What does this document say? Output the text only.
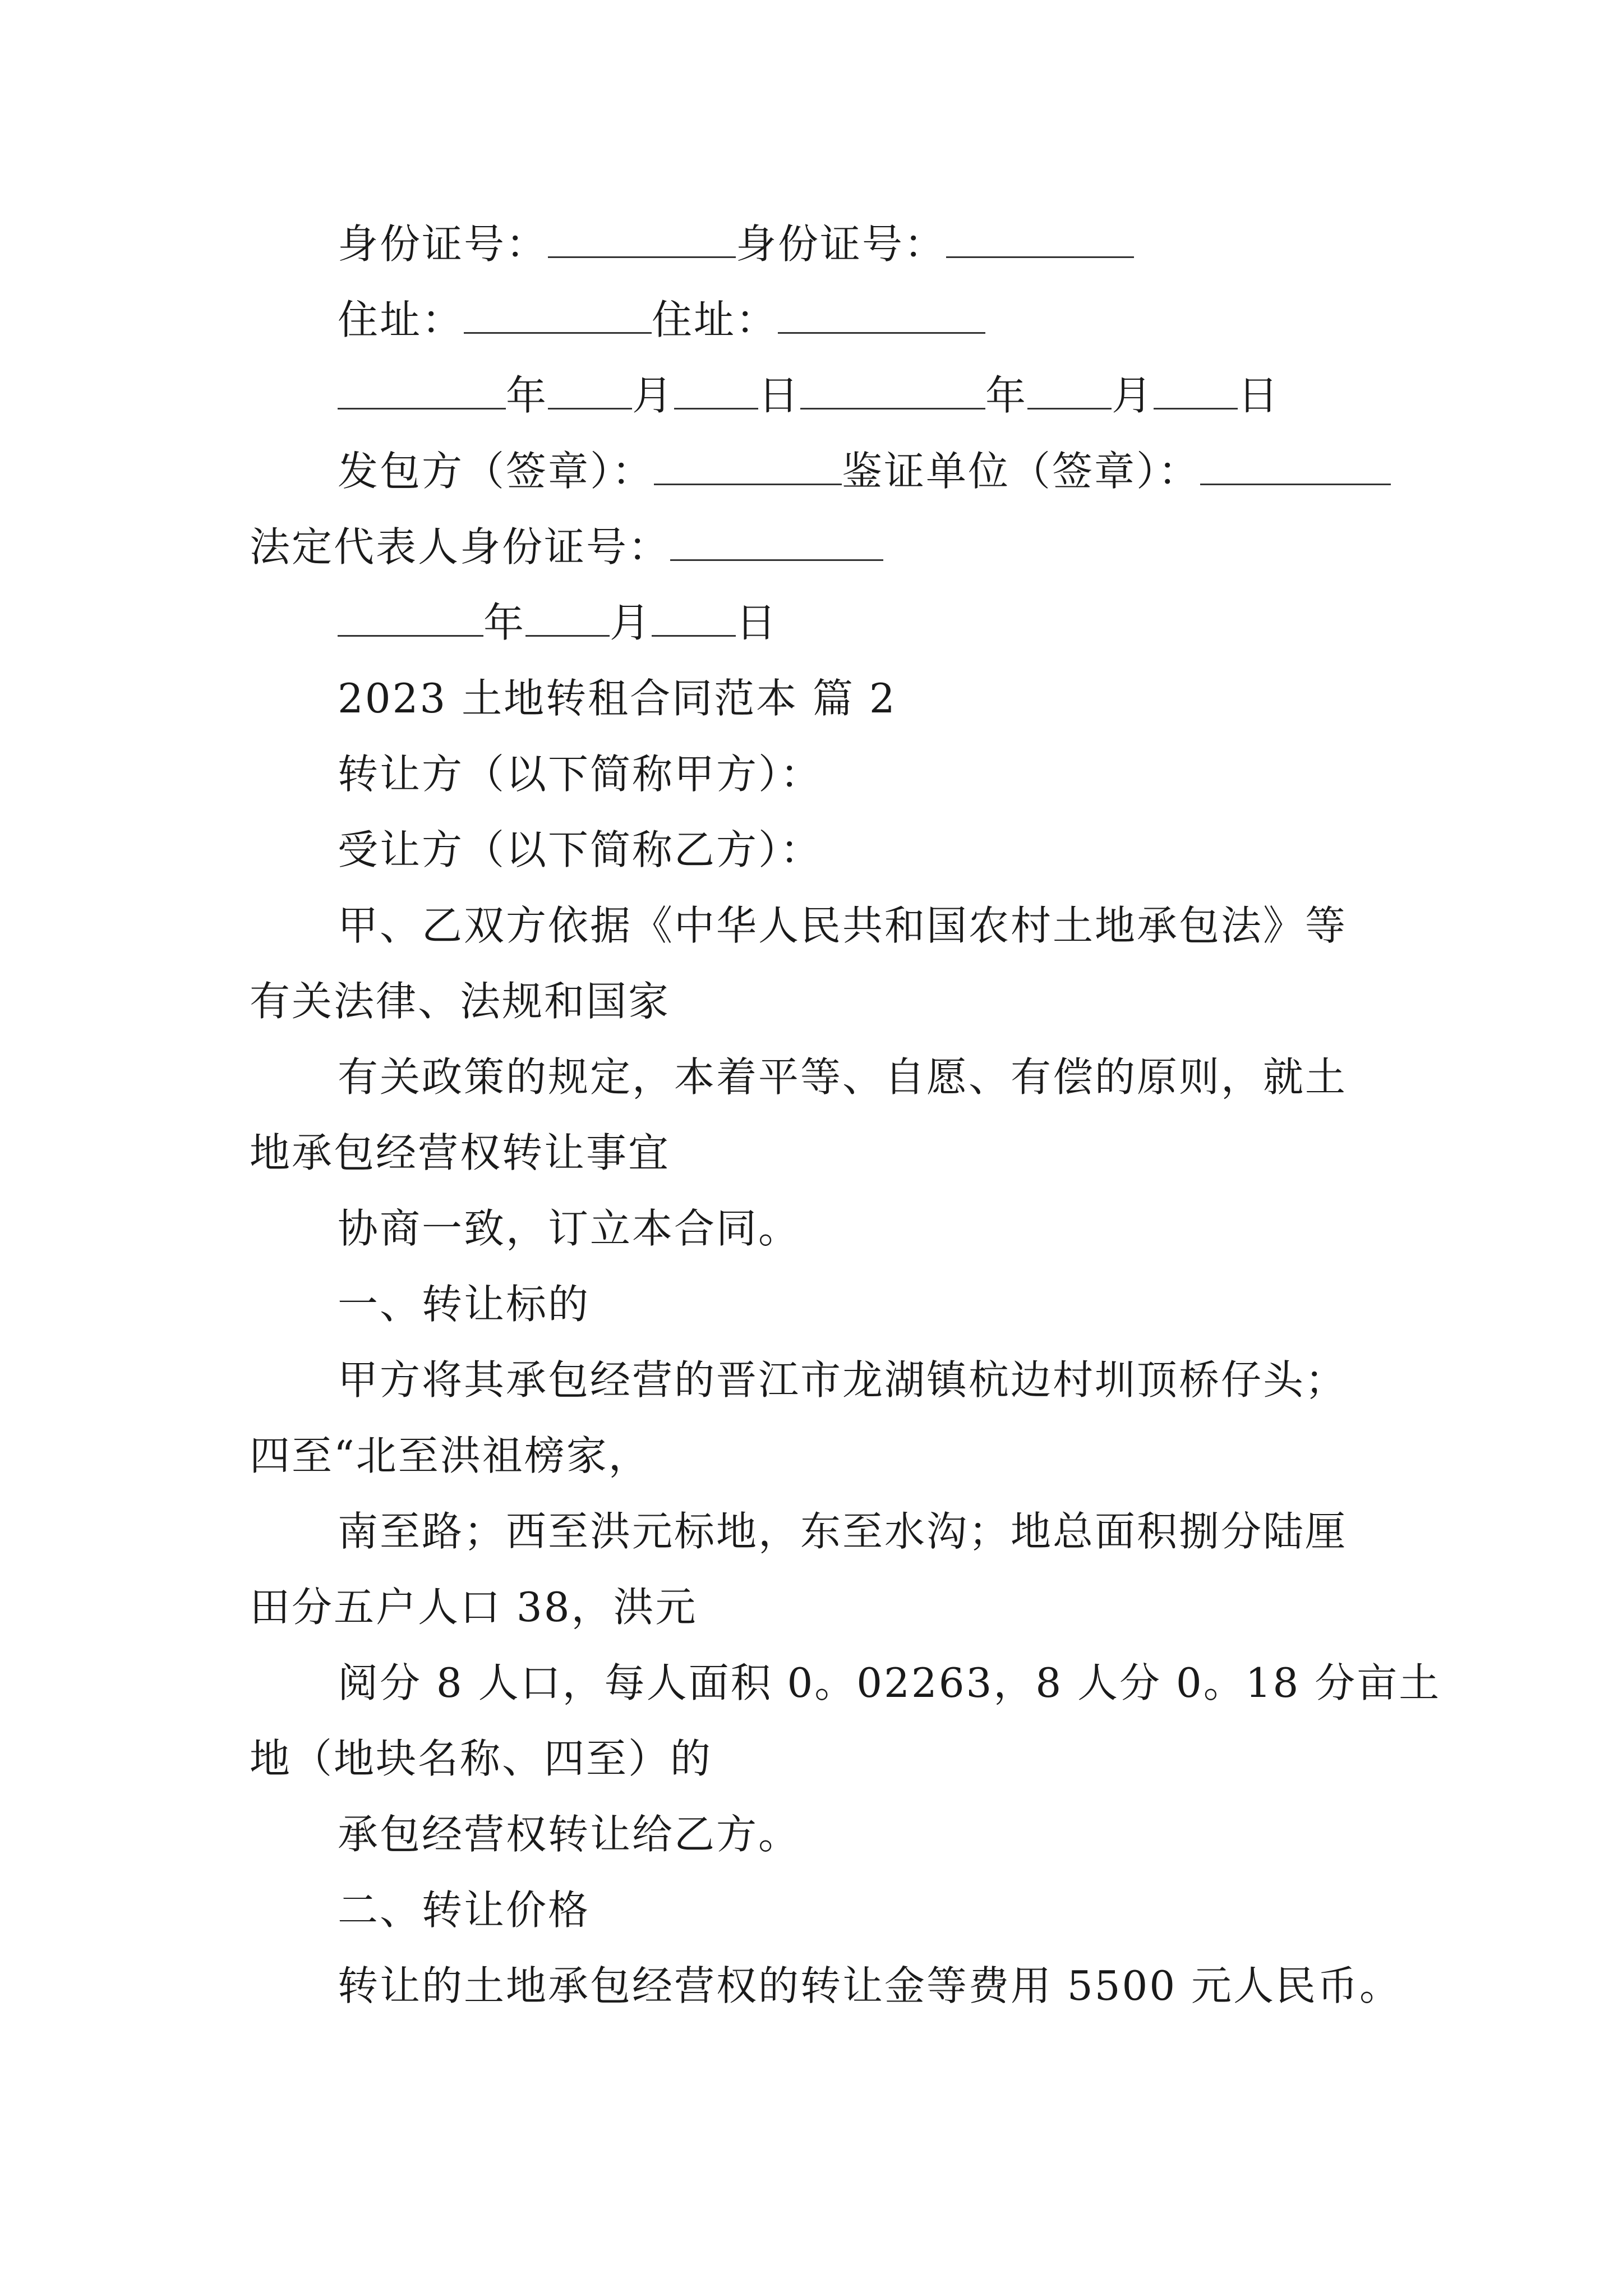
身份证号：	身份证号：
住址：	住址：
年 月 日	年 月 日
发包方（签章）：	鉴证单位（签章）：
法定代表人身份证号：
年 月 日
2023 土地转租合同范本 篇 2
转让方（以下简称甲方）：
受让方（以下简称乙方）：
甲、乙双方依据《中华人民共和国农村土地承包法》等
有关法律、法规和国家
有关政策的规定，本着平等、自愿、有偿的原则，就土
地承包经营权转让事宜
协商一致，订立本合同。
一、转让标的
甲方将其承包经营的晋江市龙湖镇杭边村圳顶桥仔头；
四至“北至洪祖榜家，
南至路；西至洪元标地，东至水沟；地总面积捌分陆厘
田分五户人口 38，洪元
阅分 8 人口，每人面积 0。02263，8 人分 0。18 分亩土
地（地块名称、四至）的
承包经营权转让给乙方。
二、转让价格
转让的土地承包经营权的转让金等费用 5500 元人民币。
